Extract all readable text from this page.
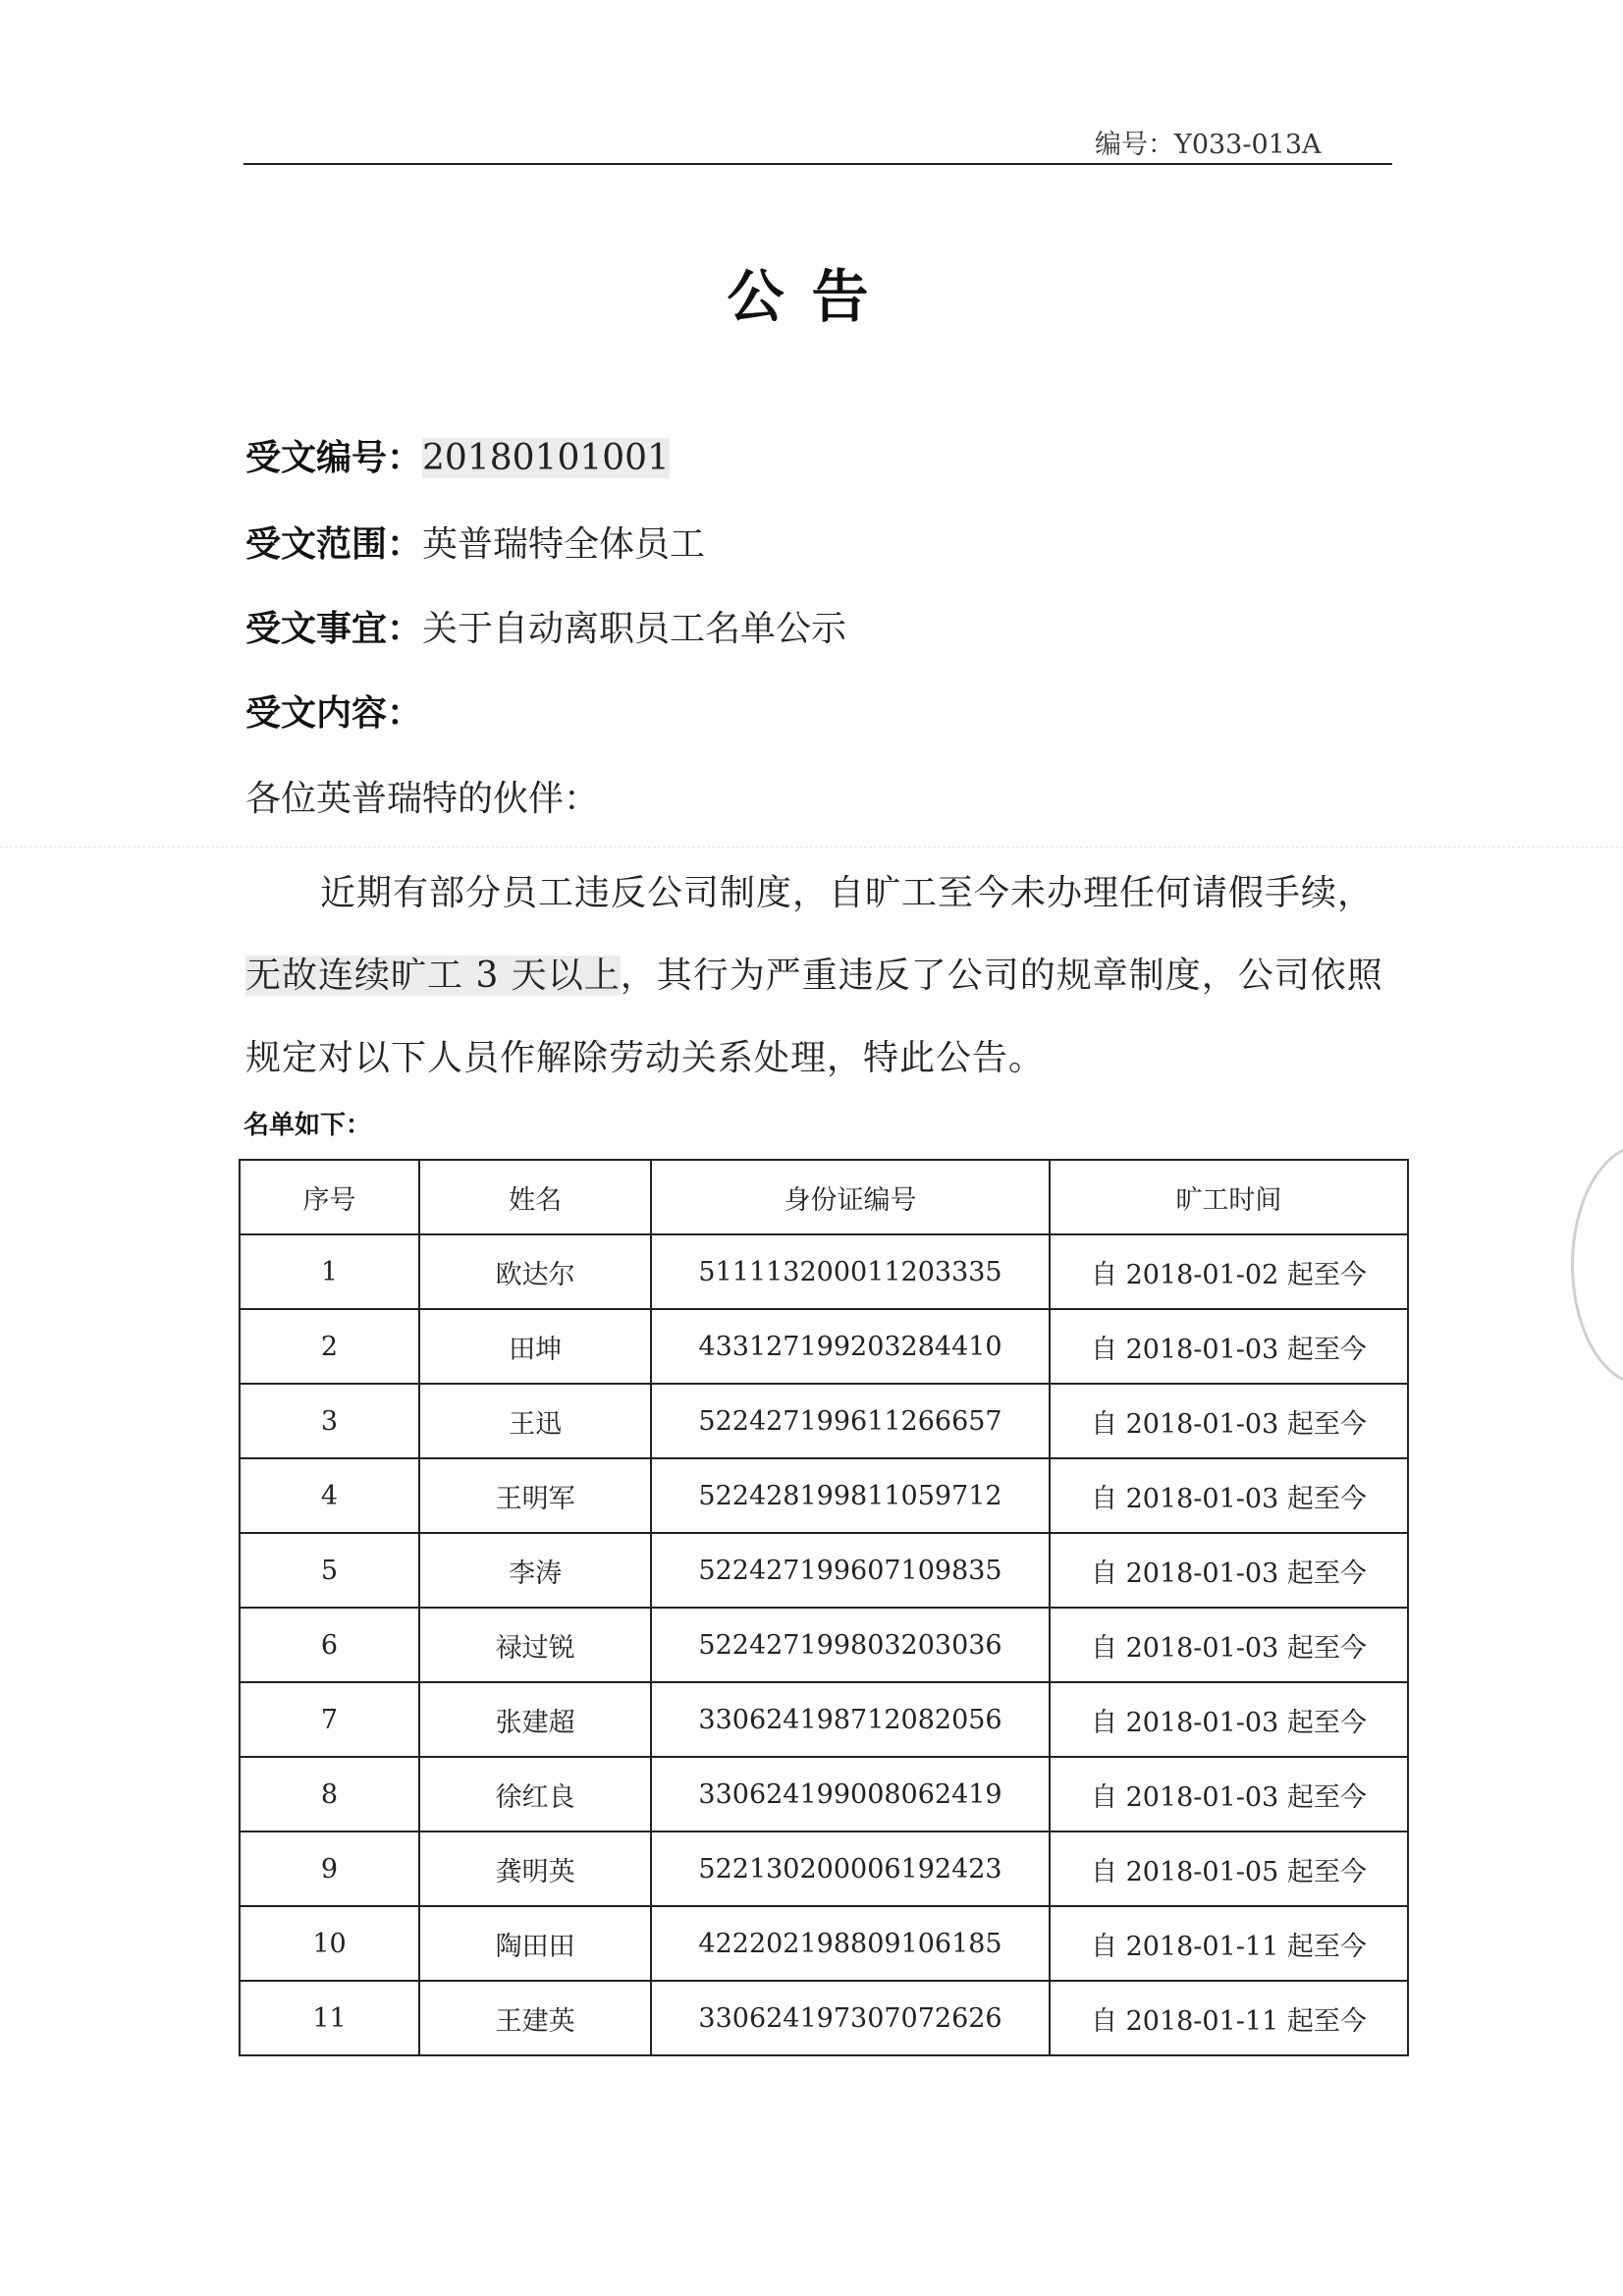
编号：Y033-013A
公告
受文编号：20180101001
受文范围：英普瑞特全体员工
受文事宜：关于自动离职员工名单公示
受文内容：
各位英普瑞特的伙伴：
近期有部分员工违反公司制度，自旷工至今未办理任何请假手续，无故连续旷工 3 天以上，其行为严重违反了公司的规章制度，公司依照规定对以下人员作解除劳动关系处理，特此公告。
名单如下：
序号	姓名	身份证编号	旷工时间
1	欧达尔	511113200011203335	自 2018-01-02 起至今
2	田坤	433127199203284410	自 2018-01-03 起至今
3	王迅	522427199611266657	自 2018-01-03 起至今
4	王明军	522428199811059712	自 2018-01-03 起至今
5	李涛	522427199607109835	自 2018-01-03 起至今
6	禄过锐	522427199803203036	自 2018-01-03 起至今
7	张建超	330624198712082056	自 2018-01-03 起至今
8	徐红良	330624199008062419	自 2018-01-03 起至今
9	龚明英	522130200006192423	自 2018-01-05 起至今
10	陶田田	422202198809106185	自 2018-01-11 起至今
11	王建英	330624197307072626	自 2018-01-11 起至今
